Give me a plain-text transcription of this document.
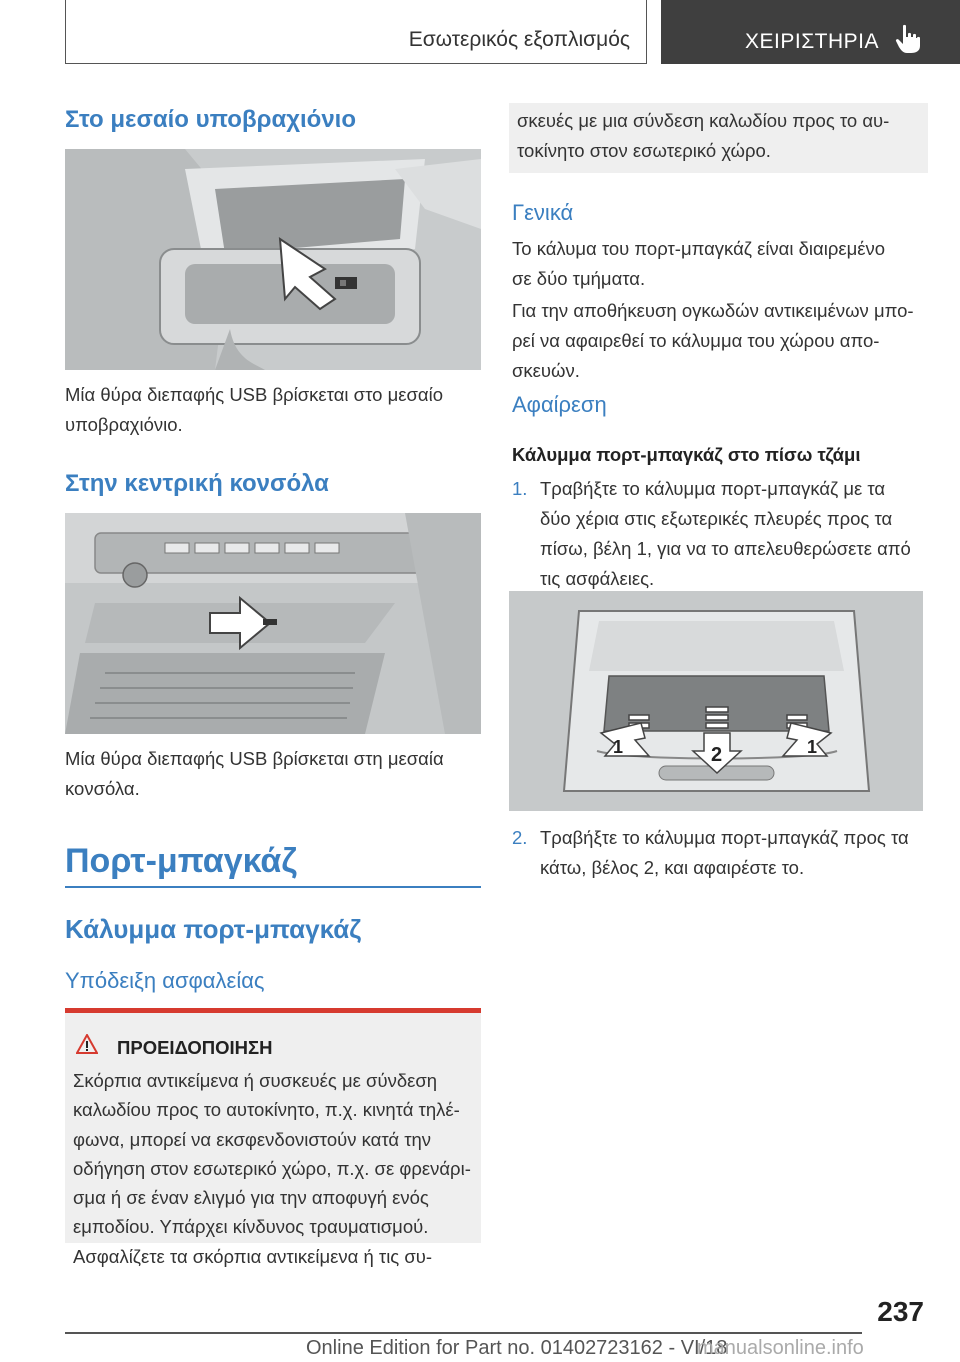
Εσωτερικός εξοπλισμός	ΧΕΙΡΙΣΤΗΡΙΑ
Στο μεσαίο υποβραχιόνιο

Μία θύρα διεπαφής USB βρίσκεται στο μεσαίο
υποβραχιόνιο.

Στην κεντρική κονσόλα

Μία θύρα διεπαφής USB βρίσκεται στη μεσαία
κονσόλα.

Πορτ-μπαγκάζ
Κάλυμμα πορτ-μπαγκάζ
Υπόδειξη ασφαλείας
ΠΡΟΕΙΔΟΠΟΙΗΣΗ

Σκόρπια αντικείμενα ή συσκευές με σύνδεση
καλωδίου προς το αυτοκίνητο, π.χ. κινητά τηλέ-
φωνα, μπορεί να εκσφενδονιστούν κατά την
οδήγηση στον εσωτερικό χώρο, π.χ. σε φρενάρι-
σμα ή σε έναν ελιγμό για την αποφυγή ενός
εμποδίου. Υπάρχει κίνδυνος τραυματισμού.
Ασφαλίζετε τα σκόρπια αντικείμενα ή τις συ-

σκευές με μια σύνδεση καλωδίου προς το αυ-
τοκίνητο στον εσωτερικό χώρο.

Γενικά

Το κάλυμα του πορτ-μπαγκάζ είναι διαιρεμένο
σε δύο τμήματα.

Για την αποθήκευση ογκωδών αντικειμένων μπο-
ρεί να αφαιρεθεί το κάλυμμα του χώρου απο-
σκευών.

Αφαίρεση
Κάλυμμα πορτ-μπαγκάζ στο πίσω τζάμι
1. Τραβήξτε το κάλυμμα πορτ-μπαγκάζ με τα
δύο χέρια στις εξωτερικές πλευρές προς τα
πίσω, βέλη 1, για να το απελευθερώσετε από
τις ασφάλειες.

1	2	1
2. Τραβήξτε το κάλυμμα πορτ-μπαγκάζ προς τα
κάτω, βέλος 2, και αφαιρέστε το.

237
Online Edition for Part no. 01402723162 - VI/18
manualsonline.info
